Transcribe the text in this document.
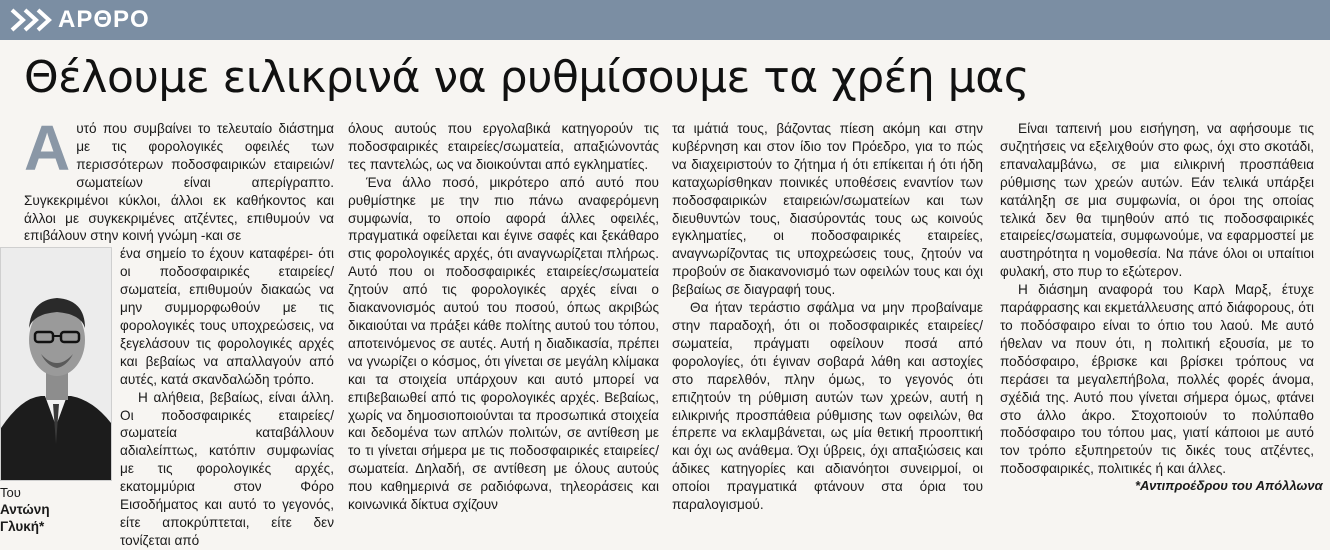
ΑΡΘΡΟ
Θέλουμε ειλικρινά να ρυθμίσουμε τα χρέη μας

Α υτό που συμβαίνει το τελευταίο διάστημα με τις φορολογικές οφειλές των περισσότερων ποδοσφαιρικών εταιρειών/σωματείων είναι απερίγραπτο. Συγκεκριμένοι κύκλοι, άλλοι εκ καθήκοντος και άλλοι με συγκεκριμένες ατζέντες, επιθυμούν να επιβάλουν στην κοινή γνώμη -και σε

Του
Αντώνη
Γλυκή*

ένα σημείο το έχουν καταφέρει- ότι οι ποδοσφαιρικές εταιρείες/σωματεία, επιθυμούν διακαώς να μην συμμορφωθούν με τις φορολογικές τους υποχρεώσεις, να ξεγελάσουν τις φορολογικές αρχές και βεβαίως να απαλλαγούν από αυτές, κατά σκανδαλώδη τρόπο.

Η αλήθεια, βεβαίως, είναι άλλη. Οι ποδοσφαιρικές εταιρείες/σωματεία καταβάλλουν αδιαλείπτως, κατόπιν συμφωνίας με τις φορολογικές αρχές, εκατομμύρια στον Φόρο Εισοδήματος και αυτό το γεγονός, είτε αποκρύπτεται, είτε δεν τονίζεται από

όλους αυτούς που εργολαβικά κατηγορούν τις ποδοσφαιρικές εταιρείες/σωματεία, απαξιώνοντάς τες παντελώς, ως να διοικούνται από εγκληματίες.

Ένα άλλο ποσό, μικρότερο από αυτό που ρυθμίστηκε με την πιο πάνω αναφερόμενη συμφωνία, το οποίο αφορά άλλες οφειλές, πραγματικά οφείλεται και έγινε σαφές και ξεκάθαρο στις φορολογικές αρχές, ότι αναγνωρίζεται πλήρως. Αυτό που οι ποδοσφαιρικές εταιρείες/σωματεία ζητούν από τις φορολογικές αρχές είναι ο διακανονισμός αυτού του ποσού, όπως ακριβώς δικαιούται να πράξει κάθε πολίτης αυτού του τόπου, αποτεινόμενος σε αυτές. Αυτή η διαδικασία, πρέπει να γνωρίζει ο κόσμος, ότι γίνεται σε μεγάλη κλίμακα και τα στοιχεία υπάρχουν και αυτό μπορεί να επιβεβαιωθεί από τις φορολογικές αρχές. Βεβαίως, χωρίς να δημοσιοποιούνται τα προσωπικά στοιχεία και δεδομένα των απλών πολιτών, σε αντίθεση με το τι γίνεται σήμερα με τις ποδοσφαιρικές εταιρείες/σωματεία. Δηλαδή, σε αντίθεση με όλους αυτούς που καθημερινά σε ραδιόφωνα, τηλεοράσεις και κοινωνικά δίκτυα σχίζουν

τα ιμάτιά τους, βάζοντας πίεση ακόμη και στην κυβέρνηση και στον ίδιο τον Πρόεδρο, για το πώς να διαχειριστούν το ζήτημα ή ότι επίκειται ή ότι ήδη καταχωρίσθηκαν ποινικές υποθέσεις εναντίον των ποδοσφαιρικών εταιρειών/σωματείων και των διευθυντών τους, διασύροντάς τους ως κοινούς εγκληματίες, οι ποδοσφαιρικές εταιρείες, αναγνωρίζοντας τις υποχρεώσεις τους, ζητούν να προβούν σε διακανονισμό των οφειλών τους και όχι βεβαίως σε διαγραφή τους.

Θα ήταν τεράστιο σφάλμα να μην προβαίναμε στην παραδοχή, ότι οι ποδοσφαιρικές εταιρείες/σωματεία, πράγματι οφείλουν ποσά από φορολογίες, ότι έγιναν σοβαρά λάθη και αστοχίες στο παρελθόν, πλην όμως, το γεγονός ότι επιζητούν τη ρύθμιση αυτών των χρεών, αυτή η ειλικρινής προσπάθεια ρύθμισης των οφειλών, θα έπρεπε να εκλαμβάνεται, ως μία θετική προοπτική και όχι ως ανάθεμα. Όχι ύβρεις, όχι απαξιώσεις και άδικες κατηγορίες και αδιανόητοι συνειρμοί, οι οποίοι πραγματικά φτάνουν στα όρια του παραλογισμού.

Είναι ταπεινή μου εισήγηση, να αφήσουμε τις συζητήσεις να εξελιχθούν στο φως, όχι στο σκοτάδι, επαναλαμβάνω, σε μια ειλικρινή προσπάθεια ρύθμισης των χρεών αυτών. Εάν τελικά υπάρξει κατάληξη σε μια συμφωνία, οι όροι της οποίας τελικά δεν θα τιμηθούν από τις ποδοσφαιρικές εταιρείες/σωματεία, συμφωνούμε, να εφαρμοστεί με αυστηρότητα η νομοθεσία. Να πάνε όλοι οι υπαίτιοι φυλακή, στο πυρ το εξώτερον.

Η διάσημη αναφορά του Καρλ Μαρξ, έτυχε παράφρασης και εκμετάλλευσης από διάφορους, ότι το ποδόσφαιρο είναι το όπιο του λαού. Με αυτό ήθελαν να πουν ότι, η πολιτική εξουσία, με το ποδόσφαιρο, έβρισκε και βρίσκει τρόπους να περάσει τα μεγαλεπήβολα, πολλές φορές άνομα, σχέδιά της. Αυτό που γίνεται σήμερα όμως, φτάνει στο άλλο άκρο. Στοχοποιούν το πολύπαθο ποδόσφαιρο του τόπου μας, γιατί κάποιοι με αυτό τον τρόπο εξυπηρετούν τις δικές τους ατζέντες, ποδοσφαιρικές, πολιτικές ή και άλλες.

*Αντιπροέδρου του Απόλλωνα
